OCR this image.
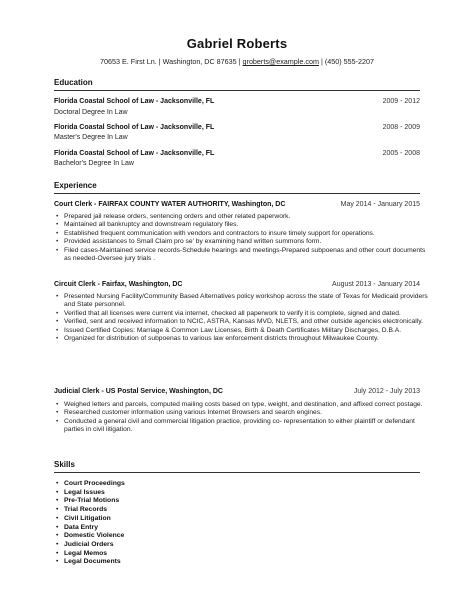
Gabriel Roberts
70653 E. First Ln. | Washington, DC 87635 | groberts@example.com | (450) 555-2207
Education
Florida Coastal School of Law - Jacksonville, FL	2009 - 2012
Doctoral Degree In Law
Florida Coastal School of Law - Jacksonville, FL	2008 - 2009
Master's Degree In Law
Florida Coastal School of Law - Jacksonville, FL	2005 - 2008
Bachelor's Degree In Law
Experience
Court Clerk - FAIRFAX COUNTY WATER AUTHORITY, Washington, DC	May 2014 - January 2015
• Prepared jail release orders, sentencing orders and other related paperwork.
• Maintained all bankruptcy and downstream regulatory files.
• Established frequent communication with vendors and contractors to insure timely support for operations.
• Provided assistances to Small Claim pro se' by examining hand written summons form.
• Filed cases-Maintained service records-Schedule hearings and meetings-Prepared subpoenas and other court documents as needed-Oversee jury trials .
Circuit Clerk - Fairfax, Washington, DC	August 2013 - January 2014
• Presented Nursing Facility/Community Based Alternatives policy workshop across the state of Texas for Medicaid providers and State personnel.
• Verified that all licenses were current via internet, checked all paperwork to verify it is complete, signed and dated.
• Verified, sent and received information to NCIC, ASTRA, Kansas MVD, NLETS, and other outside agencies electronically.
• Issued Certified Copies: Marriage & Common Law Licenses, Birth & Death Certificates Military Discharges, D.B.A.
• Organized for distribution of subpoenas to various law enforcement districts throughout Milwaukee County.
Judicial Clerk - US Postal Service, Washington, DC	July 2012 - July 2013
• Weighed letters and parcels, computed mailing costs based on type, weight, and destination, and affixed correct postage.
• Researched customer information using various Internet Browsers and search engines.
• Conducted a general civil and commercial litigation practice, providing co- representation to either plaintiff or defendant parties in civil litigation.
Skills
• Court Proceedings
• Legal Issues
• Pre-Trial Motions
• Trial Records
• Civil Litigation
• Data Entry
• Domestic Violence
• Judicial Orders
• Legal Memos
• Legal Documents
